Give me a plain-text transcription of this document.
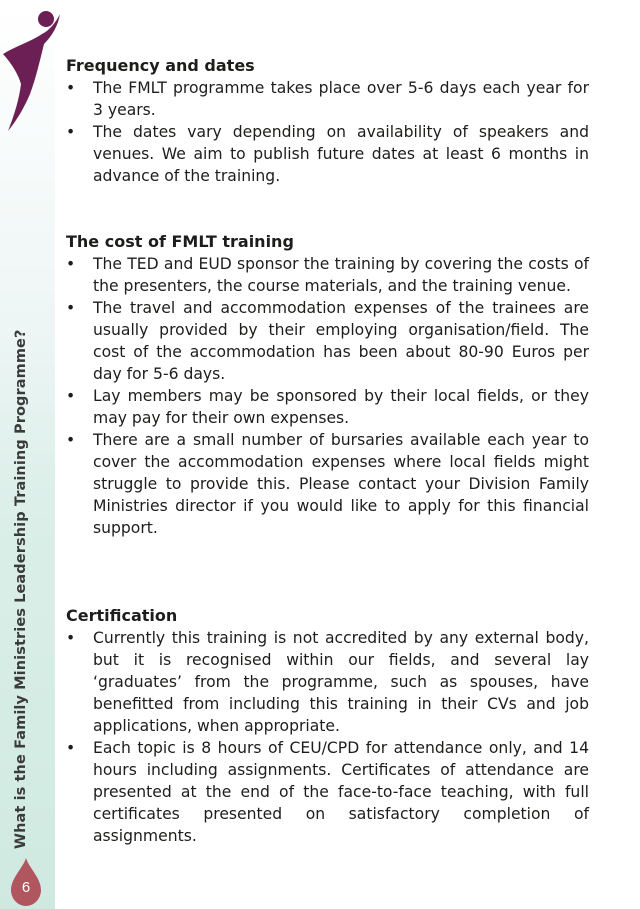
What is the Family Ministries Leadership Training Programme?
6
Frequency and dates
•	The FMLT programme takes place over 5-6 days each year for 3 years.
•	The dates vary depending on availability of speakers and venues. We aim to publish future dates at least 6 months in advance of the training.
The cost of FMLT training
•	The TED and EUD sponsor the training by covering the costs of the presenters, the course materials, and the training venue.
•	The travel and accommodation expenses of the trainees are usually provided by their employing organisation/field. The cost of the accommodation has been about 80-90 Euros per day for 5-6 days.
•	Lay members may be sponsored by their local fields, or they may pay for their own expenses.
•	There are a small number of bursaries available each year to cover the accommodation expenses where local fields might struggle to provide this. Please contact your Division Family Ministries director if you would like to apply for this financial support.
Certification
•	Currently this training is not accredited by any external body, but it is recognised within our fields, and several lay ‘graduates’ from the programme, such as spouses, have benefitted from including this training in their CVs and job applications, when appropriate.
•	Each topic is 8 hours of CEU/CPD for attendance only, and 14 hours including assignments. Certificates of attendance are presented at the end of the face-to-face teaching, with full certificates presented on satisfactory completion of assignments.
